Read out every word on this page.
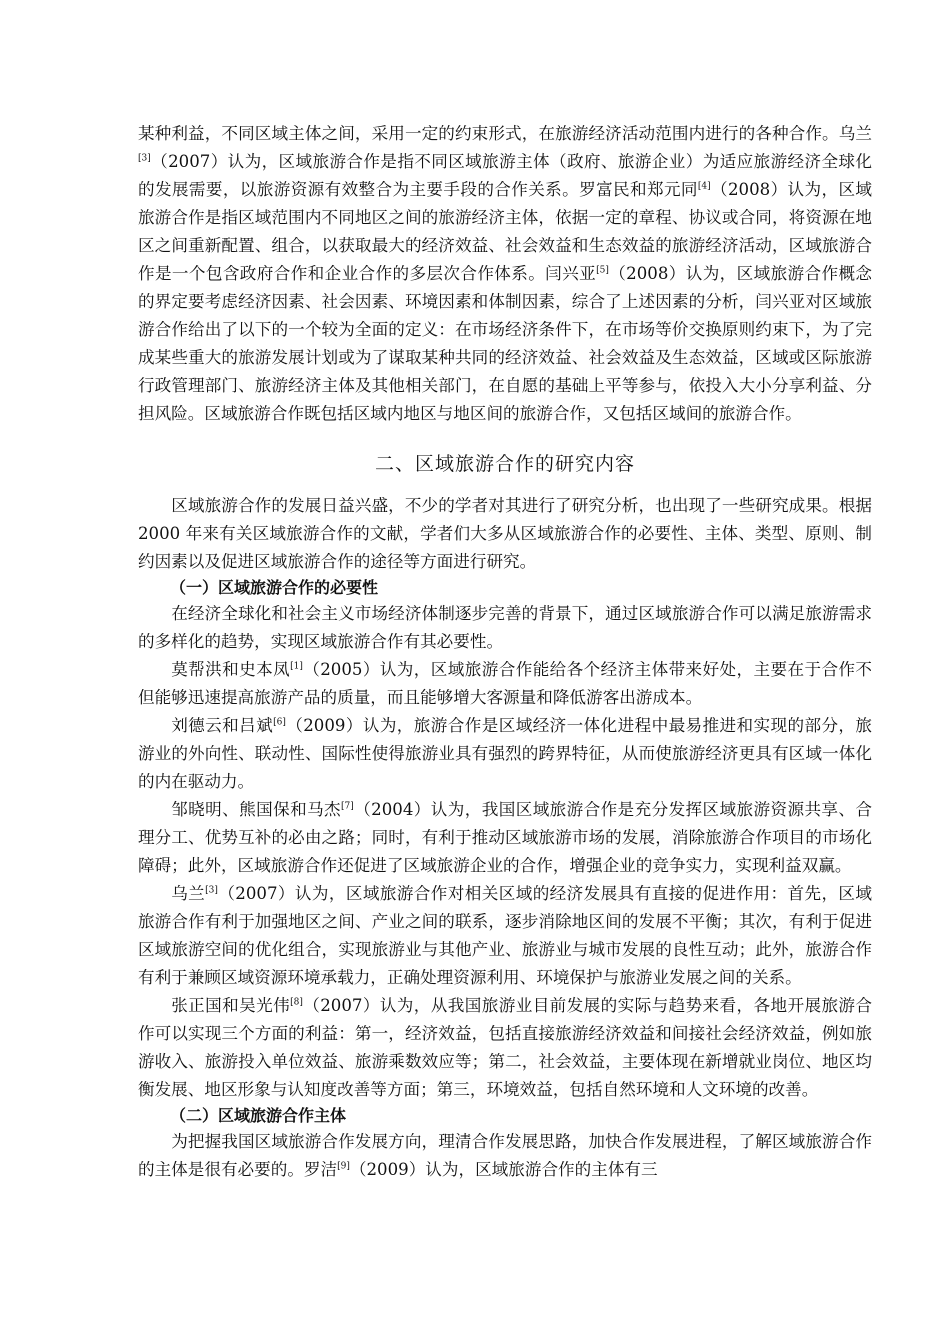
某种利益，不同区域主体之间，采用一定的约束形式，在旅游经济活动范围内进行的各种合作。乌兰[3]（2007）认为，区域旅游合作是指不同区域旅游主体（政府、旅游企业）为适应旅游经济全球化的发展需要，以旅游资源有效整合为主要手段的合作关系。罗富民和郑元同[4]（2008）认为，区域旅游合作是指区域范围内不同地区之间的旅游经济主体，依据一定的章程、协议或合同，将资源在地区之间重新配置、组合，以获取最大的经济效益、社会效益和生态效益的旅游经济活动，区域旅游合作是一个包含政府合作和企业合作的多层次合作体系。闫兴亚[5]（2008）认为，区域旅游合作概念的界定要考虑经济因素、社会因素、环境因素和体制因素，综合了上述因素的分析，闫兴亚对区域旅游合作给出了以下的一个较为全面的定义：在市场经济条件下，在市场等价交换原则约束下，为了完成某些重大的旅游发展计划或为了谋取某种共同的经济效益、社会效益及生态效益，区域或区际旅游行政管理部门、旅游经济主体及其他相关部门，在自愿的基础上平等参与，依投入大小分享利益、分担风险。区域旅游合作既包括区域内地区与地区间的旅游合作，又包括区域间的旅游合作。

二、区域旅游合作的研究内容

区域旅游合作的发展日益兴盛，不少的学者对其进行了研究分析，也出现了一些研究成果。根据 2000 年来有关区域旅游合作的文献，学者们大多从区域旅游合作的必要性、主体、类型、原则、制约因素以及促进区域旅游合作的途径等方面进行研究。

（一）区域旅游合作的必要性

在经济全球化和社会主义市场经济体制逐步完善的背景下，通过区域旅游合作可以满足旅游需求的多样化的趋势，实现区域旅游合作有其必要性。

莫帮洪和史本凤[1]（2005）认为，区域旅游合作能给各个经济主体带来好处，主要在于合作不但能够迅速提高旅游产品的质量，而且能够增大客源量和降低游客出游成本。

刘德云和吕斌[6]（2009）认为，旅游合作是区域经济一体化进程中最易推进和实现的部分，旅游业的外向性、联动性、国际性使得旅游业具有强烈的跨界特征，从而使旅游经济更具有区域一体化的内在驱动力。

邹晓明、熊国保和马杰[7]（2004）认为，我国区域旅游合作是充分发挥区域旅游资源共享、合理分工、优势互补的必由之路；同时，有利于推动区域旅游市场的发展，消除旅游合作项目的市场化障碍；此外，区域旅游合作还促进了区域旅游企业的合作，增强企业的竞争实力，实现利益双赢。

乌兰[3]（2007）认为，区域旅游合作对相关区域的经济发展具有直接的促进作用：首先，区域旅游合作有利于加强地区之间、产业之间的联系，逐步消除地区间的发展不平衡；其次，有利于促进区域旅游空间的优化组合，实现旅游业与其他产业、旅游业与城市发展的良性互动；此外，旅游合作有利于兼顾区域资源环境承载力，正确处理资源利用、环境保护与旅游业发展之间的关系。

张正国和吴光伟[8]（2007）认为，从我国旅游业目前发展的实际与趋势来看，各地开展旅游合作可以实现三个方面的利益：第一，经济效益，包括直接旅游经济效益和间接社会经济效益，例如旅游收入、旅游投入单位效益、旅游乘数效应等；第二，社会效益，主要体现在新增就业岗位、地区均衡发展、地区形象与认知度改善等方面；第三，环境效益，包括自然环境和人文环境的改善。

（二）区域旅游合作主体

为把握我国区域旅游合作发展方向，理清合作发展思路，加快合作发展进程，了解区域旅游合作的主体是很有必要的。罗洁[9]（2009）认为，区域旅游合作的主体有三
